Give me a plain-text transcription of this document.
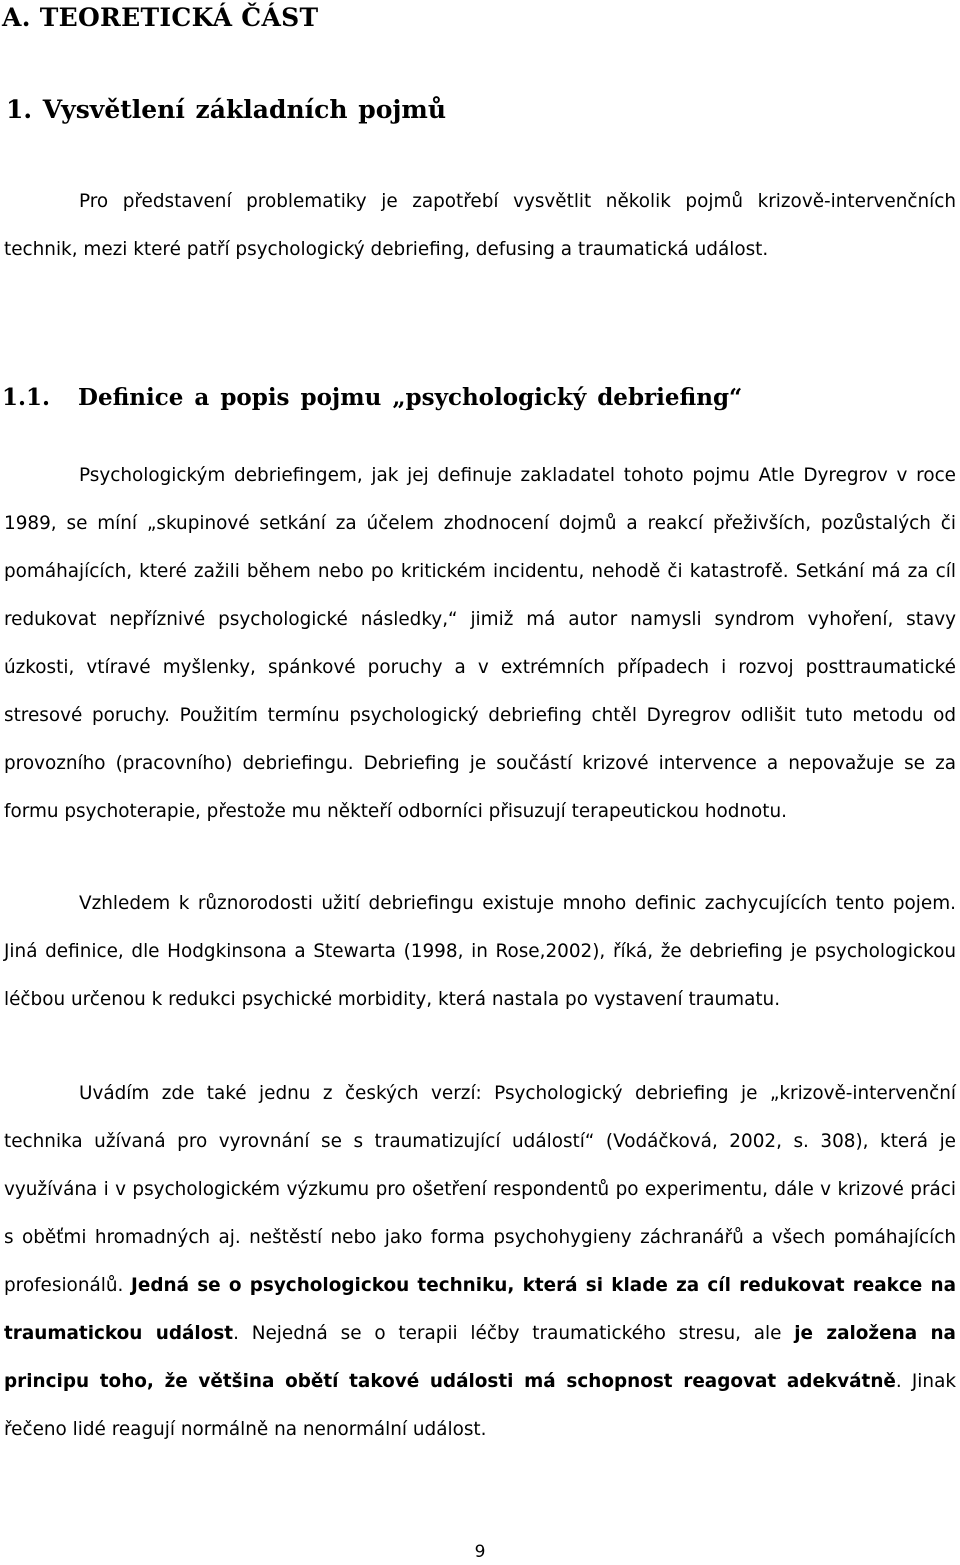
A. TEORETICKÁ ČÁST
1. Vysvětlení základních pojmů

Pro představení problematiky je zapotřebí vysvětlit několik pojmů krizově-intervenčních technik, mezi které patří psychologický debriefing, defusing a traumatická událost.

1.1. Definice a popis pojmu „psychologický debriefing“

Psychologickým debriefingem, jak jej definuje zakladatel tohoto pojmu Atle Dyregrov v roce 1989, se míní „skupinové setkání za účelem zhodnocení dojmů a reakcí přeživších, pozůstalých či pomáhajících, které zažili během nebo po kritickém incidentu, nehodě či katastrofě. Setkání má za cíl redukovat nepříznivé psychologické následky,“ jimiž má autor namysli syndrom vyhoření, stavy úzkosti, vtíravé myšlenky, spánkové poruchy a v extrémních případech i rozvoj posttraumatické stresové poruchy. Použitím termínu psychologický debriefing chtěl Dyregrov odlišit tuto metodu od provozního (pracovního) debriefingu. Debriefing je součástí krizové intervence a nepovažuje se za formu psychoterapie, přestože mu někteří odborníci přisuzují terapeutickou hodnotu.

Vzhledem k různorodosti užití debriefingu existuje mnoho definic zachycujících tento pojem. Jiná definice, dle Hodgkinsona a Stewarta (1998, in Rose,2002), říká, že debriefing je psychologickou léčbou určenou k redukci psychické morbidity, která nastala po vystavení traumatu.

Uvádím zde také jednu z českých verzí: Psychologický debriefing je „krizově-intervenční technika užívaná pro vyrovnání se s traumatizující událostí“ (Vodáčková, 2002, s. 308), která je využívána i v psychologickém výzkumu pro ošetření respondentů po experimentu, dále v krizové práci s oběťmi hromadných aj. neštěstí nebo jako forma psychohygieny záchranářů a všech pomáhajících profesionálů. Jedná se o psychologickou techniku, která si klade za cíl redukovat reakce na traumatickou událost. Nejedná se o terapii léčby traumatického stresu, ale je založena na principu toho, že většina obětí takové události má schopnost reagovat adekvátně. Jinak řečeno lidé reagují normálně na nenormální událost.

9
